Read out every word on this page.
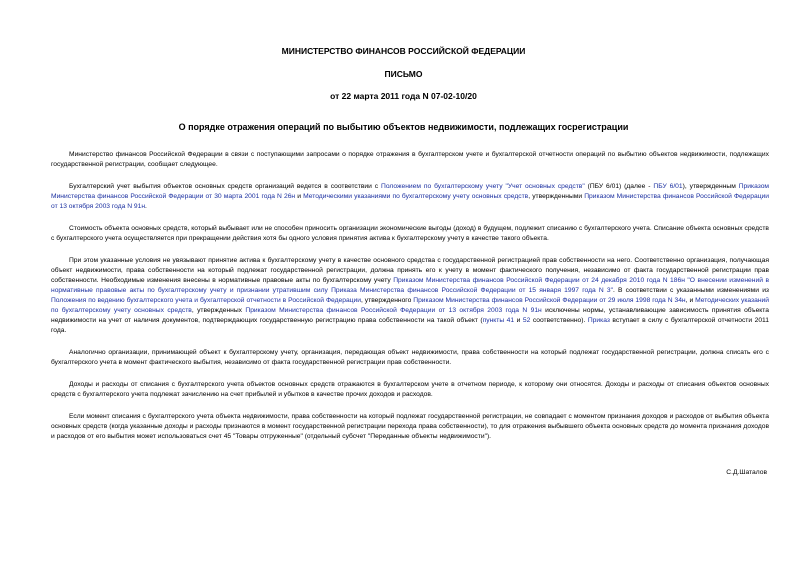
МИНИСТЕРСТВО ФИНАНСОВ РОССИЙСКОЙ ФЕДЕРАЦИИ
ПИСЬМО
от 22 марта 2011 года N 07-02-10/20
О порядке отражения операций по выбытию объектов недвижимости, подлежащих госрегистрации

Министерство финансов Российской Федерации в связи с поступающими запросами о порядке отражения в бухгалтерском учете и бухгалтерской отчетности операций по выбытию объектов недвижимости, подлежащих государственной регистрации, сообщает следующее.

Бухгалтерский учет выбытия объектов основных средств организаций ведется в соответствии с Положением по бухгалтерскому учету "Учет основных средств" (ПБУ 6/01) (далее - ПБУ 6/01), утвержденным Приказом Министерства финансов Российской Федерации от 30 марта 2001 года N 26н и Методическими указаниями по бухгалтерскому учету основных средств, утвержденными Приказом Министерства финансов Российской Федерации от 13 октября 2003 года N 91н.

Стоимость объекта основных средств, который выбывает или не способен приносить организации экономические выгоды (доход) в будущем, подлежит списанию с бухгалтерского учета. Списание объекта основных средств с бухгалтерского учета осуществляется при прекращении действия хотя бы одного условия принятия актива к бухгалтерскому учету в качестве такого объекта.

При этом указанные условия не увязывают принятие актива к бухгалтерскому учету в качестве основного средства с государственной регистрацией прав собственности на него. Соответственно организация, получающая объект недвижимости, права собственности на который подлежат государственной регистрации, должна принять его к учету в момент фактического получения, независимо от факта государственной регистрации прав собственности. Необходимые изменения внесены в нормативные правовые акты по бухгалтерскому учету Приказом Министерства финансов Российской Федерации от 24 декабря 2010 года N 186н "О внесении изменений в нормативные правовые акты по бухгалтерскому учету и признании утратившим силу Приказа Министерства финансов Российской Федерации от 15 января 1997 года N 3". В соответствии с указанными изменениями из Положения по ведению бухгалтерского учета и бухгалтерской отчетности в Российской Федерации, утвержденного Приказом Министерства финансов Российской Федерации от 29 июля 1998 года N 34н, и Методических указаний по бухгалтерскому учету основных средств, утвержденных Приказом Министерства финансов Российской Федерации от 13 октября 2003 года N 91н исключены нормы, устанавливающие зависимость принятия объекта недвижимости на учет от наличия документов, подтверждающих государственную регистрацию права собственности на такой объект (пункты 41 и 52 соответственно). Приказ вступает в силу с бухгалтерской отчетности 2011 года.

Аналогично организации, принимающей объект к бухгалтерскому учету, организация, передающая объект недвижимости, права собственности на который подлежат государственной регистрации, должна списать его с бухгалтерского учета в момент фактического выбытия, независимо от факта государственной регистрации прав собственности.

Доходы и расходы от списания с бухгалтерского учета объектов основных средств отражаются в бухгалтерском учете в отчетном периоде, к которому они относятся. Доходы и расходы от списания объектов основных средств с бухгалтерского учета подлежат зачислению на счет прибылей и убытков в качестве прочих доходов и расходов.

Если момент списания с бухгалтерского учета объекта недвижимости, права собственности на который подлежат государственной регистрации, не совпадает с моментом признания доходов и расходов от выбытия объекта основных средств (когда указанные доходы и расходы признаются в момент государственной регистрации перехода права собственности), то для отражения выбывшего объекта основных средств до момента признания доходов и расходов от его выбытия может использоваться счет 45 "Товары отгруженные" (отдельный субсчет "Переданные объекты недвижимости").

С.Д.Шаталов
